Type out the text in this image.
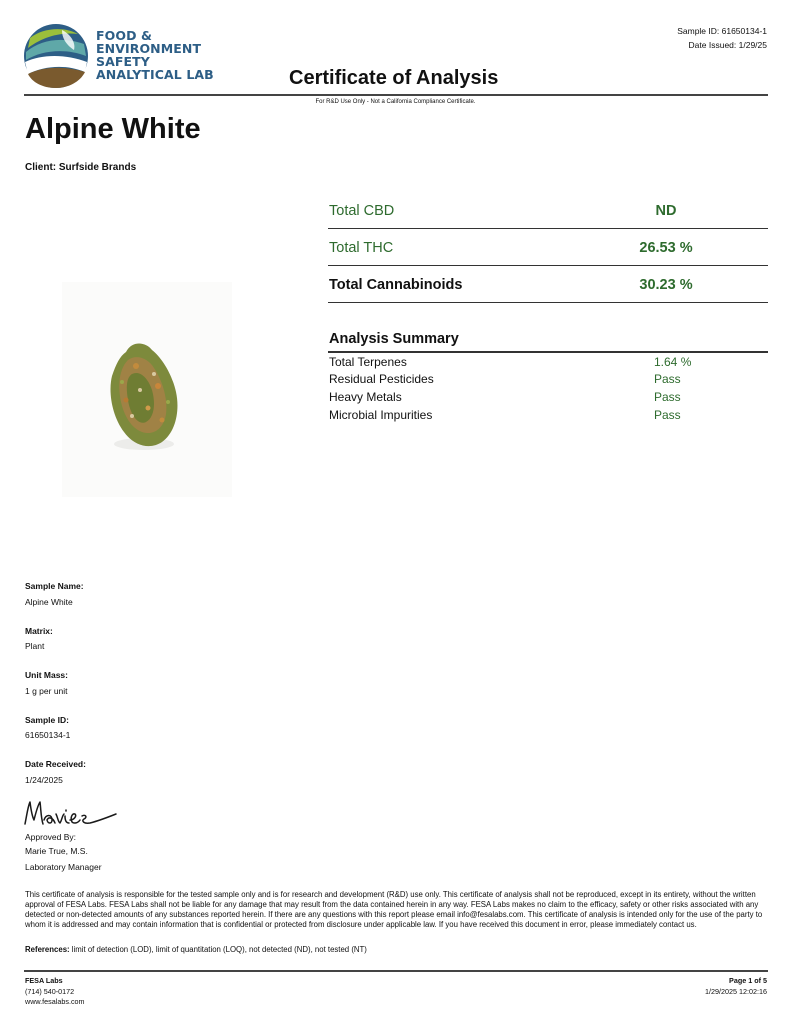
FOOD &
ENVIRONMENT
SAFETY
ANALYTICAL LAB
Sample ID: 61650134-1
Date Issued: 1/29/25
Certificate of Analysis
For R&D Use Only - Not a California Compliance Certificate.
Alpine White
Client: Surfside Brands
Total CBD	ND
Total THC	26.53 %
Total Cannabinoids	30.23 %
Analysis Summary
Total Terpenes	1.64 %
Residual Pesticides	Pass
Heavy Metals	Pass
Microbial Impurities	Pass
Sample Name:
Alpine White
Matrix:
Plant
Unit Mass:
1 g per unit
Sample ID:
61650134-1
Date Received:
1/24/2025
Approved By:
Marie True, M.S.
Laboratory Manager
This certificate of analysis is responsible for the tested sample only and is for research and development (R&D) use only. This certificate of analysis shall not be reproduced, except in its entirety, without the written approval of FESA Labs. FESA Labs shall not be liable for any damage that may result from the data contained herein in any way. FESA Labs makes no claim to the efficacy, safety or other risks associated with any detected or non-detected amounts of any substances reported herein. If there are any questions with this report please email info@fesalabs.com. This certificate of analysis is intended only for the use of the party to whom it is addressed and may contain information that is confidential or protected from disclosure under applicable law. If you have received this document in error, please immediately contact us.
References: limit of detection (LOD), limit of quantitation (LOQ), not detected (ND), not tested (NT)
FESA Labs
(714) 540-0172
www.fesalabs.com
Page 1 of 5
1/29/2025 12:02:16
